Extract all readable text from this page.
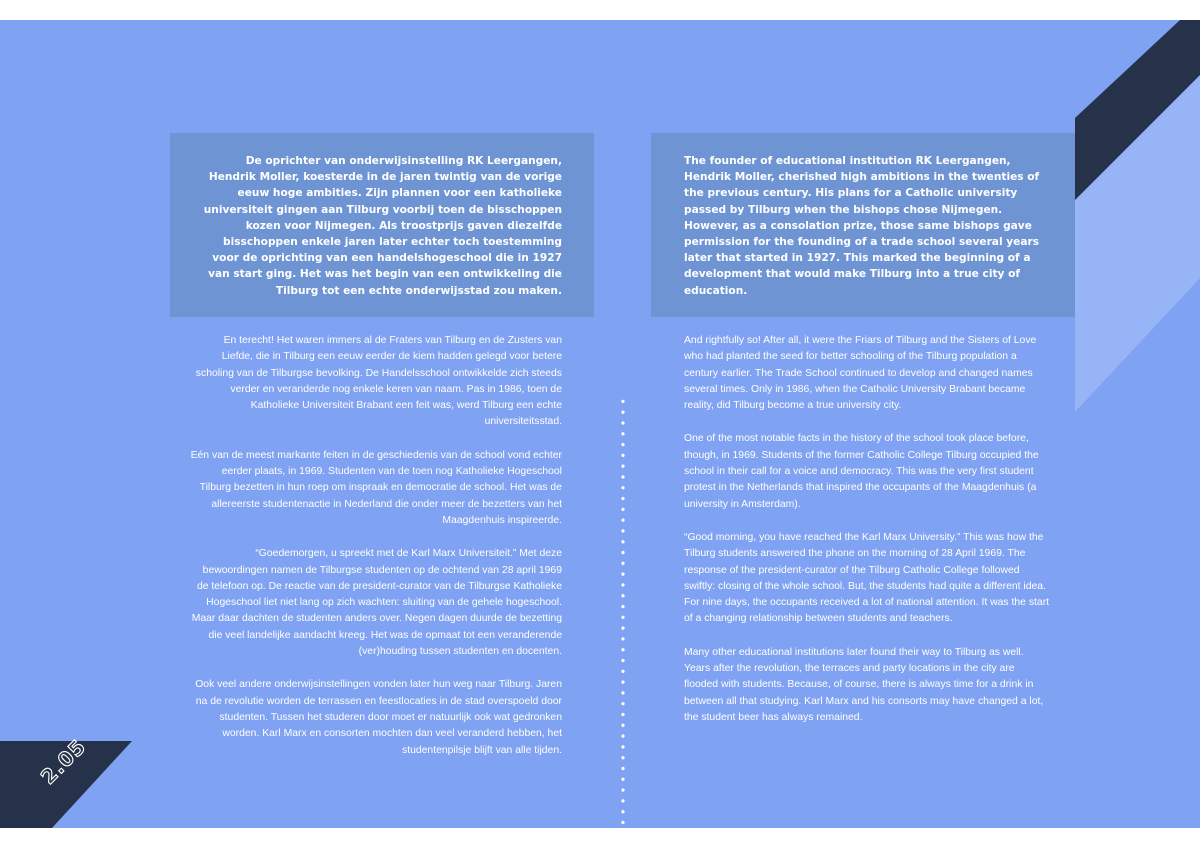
De oprichter van onderwijsinstelling RK Leergangen, Hendrik Moller, koesterde in de jaren twintig van de vorige eeuw hoge ambities. Zijn plannen voor een katholieke universiteit gingen aan Tilburg voorbij toen de bisschoppen kozen voor Nijmegen. Als troostprijs gaven diezelfde bisschoppen enkele jaren later echter toch toestemming voor de oprichting van een handelshogeschool die in 1927 van start ging. Het was het begin van een ontwikkeling die Tilburg tot een echte onderwijsstad zou maken.
The founder of educational institution RK Leergangen, Hendrik Moller, cherished high ambitions in the twenties of the previous century. His plans for a Catholic university passed by Tilburg when the bishops chose Nijmegen. However, as a consolation prize, those same bishops gave permission for the founding of a trade school several years later that started in 1927. This marked the beginning of a development that would make Tilburg into a true city of education.

En terecht! Het waren immers al de Fraters van Tilburg en de Zusters van Liefde, die in Tilburg een eeuw eerder de kiem hadden gelegd voor betere scholing van de Tilburgse bevolking. De Handelsschool ontwikkelde zich steeds verder en veranderde nog enkele keren van naam. Pas in 1986, toen de Katholieke Universiteit Brabant een feit was, werd Tilburg een echte universiteitsstad.

Eén van de meest markante feiten in de geschiedenis van de school vond echter eerder plaats, in 1969. Studenten van de toen nog Katholieke Hogeschool Tilburg bezetten in hun roep om inspraak en democratie de school. Het was de allereerste studentenactie in Nederland die onder meer de bezetters van het Maagdenhuis inspireerde.

“Goedemorgen, u spreekt met de Karl Marx Universiteit.” Met deze bewoordingen namen de Tilburgse studenten op de ochtend van 28 april 1969 de telefoon op. De reactie van de president-curator van de Tilburgse Katholieke Hogeschool liet niet lang op zich wachten: sluiting van de gehele hogeschool. Maar daar dachten de studenten anders over. Negen dagen duurde de bezetting die veel landelijke aandacht kreeg. Het was de opmaat tot een veranderende (ver)houding tussen studenten en docenten.

Ook veel andere onderwijsinstellingen vonden later hun weg naar Tilburg. Jaren na de revolutie worden de terrassen en feestlocaties in de stad overspoeld door studenten. Tussen het studeren door moet er natuurlijk ook wat gedronken worden. Karl Marx en consorten mochten dan veel veranderd hebben, het studentenpilsje blijft van alle tijden.

And rightfully so! After all, it were the Friars of Tilburg and the Sisters of Love who had planted the seed for better schooling of the Tilburg population a century earlier. The Trade School continued to develop and changed names several times. Only in 1986, when the Catholic University Brabant became reality, did Tilburg become a true university city.

One of the most notable facts in the history of the school took place before, though, in 1969. Students of the former Catholic College Tilburg occupied the school in their call for a voice and democracy. This was the very first student protest in the Netherlands that inspired the occupants of the Maagdenhuis (a university in Amsterdam).

“Good morning, you have reached the Karl Marx University.” This was how the Tilburg students answered the phone on the morning of 28 April 1969. The response of the president-curator of the Tilburg Catholic College followed swiftly: closing of the whole school. But, the students had quite a different idea. For nine days, the occupants received a lot of national attention. It was the start of a changing relationship between students and teachers.

Many other educational institutions later found their way to Tilburg as well. Years after the revolution, the terraces and party locations in the city are flooded with students. Because, of course, there is always time for a drink in between all that studying. Karl Marx and his consorts may have changed a lot, the student beer has always remained.

2.05
